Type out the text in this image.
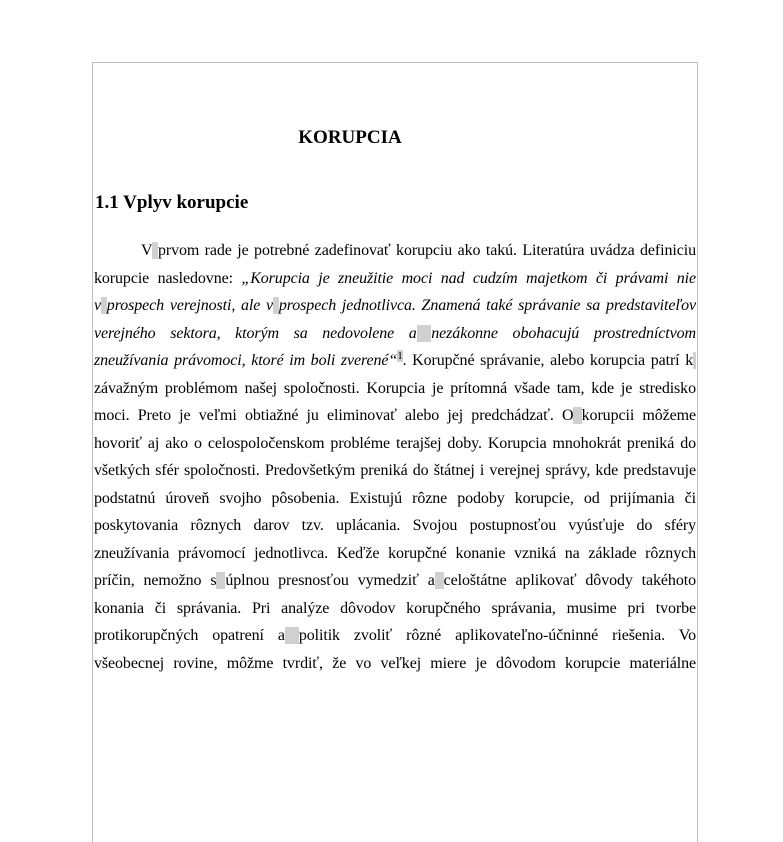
KORUPCIA
1.1 Vplyv korupcie
V prvom rade je potrebné zadefinovať korupciu ako takú. Literatúra uvádza definiciu
korupcie nasledovne: „Korupcia je zneužitie moci nad cudzím majetkom či právami nie
v prospech verejnosti, ale v prospech jednotlivca. Znamená také správanie sa predstaviteľov
verejného sektora, ktorým sa nedovolene a nezákonne obohacujú prostredníctvom
zneužívania právomoci, ktoré im boli zverené“$^1$. Korupčné správanie, alebo korupcia patrí k
závažným problémom našej spoločnosti. Korupcia je prítomná všade tam, kde je stredisko
moci. Preto je veľmi obtiažné ju eliminovať alebo jej predchádzať. O korupcii môžeme
hovoriť aj ako o celospoločenskom probléme terajšej doby. Korupcia mnohokrát preniká do
všetkých sfér spoločnosti. Predovšetkým preniká do štátnej i verejnej správy, kde predstavuje
podstatnú úroveň svojho pôsobenia. Existujú rôzne podoby korupcie, od prijímania či
poskytovania rôznych darov tzv. uplácania. Svojou postupnosťou vyúsťuje do sféry
zneužívania právomocí jednotlivca. Keďže korupčné konanie vzniká na základe rôznych
príčin, nemožno s úplnou presnosťou vymedziť a celoštátne aplikovať dôvody takéhoto
konania či správania. Pri analýze dôvodov korupčného správania, musime pri tvorbe
protikorupčných opatrení a politik zvoliť rôzné aplikovateľno-účninné riešenia. Vo
všeobecnej rovine, môžme tvrdiť, že vo veľkej miere je dôvodom korupcie materiálne
